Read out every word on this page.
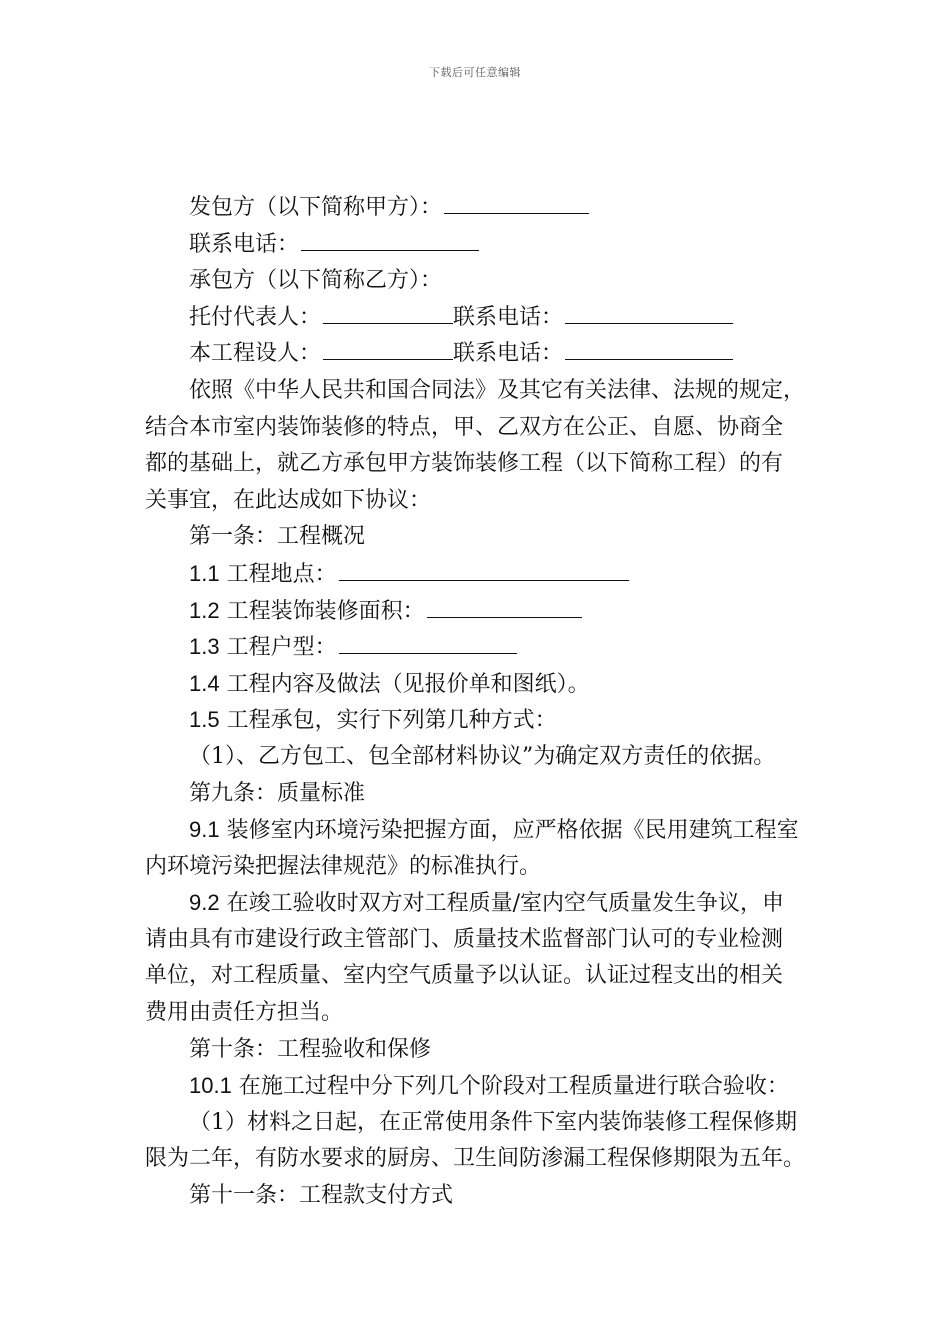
下载后可任意编辑
发包方（以下简称甲方）：
联系电话：
承包方（以下简称乙方）：
托付代表人：	联系电话：
本工程设人：	联系电话：
依照《中华人民共和国合同法》及其它有关法律、法规的规定，
结合本市室内装饰装修的特点，甲、乙双方在公正、自愿、协商全
都的基础上，就乙方承包甲方装饰装修工程（以下简称工程）的有
关事宜，在此达成如下协议：
第一条：工程概况
1.1 工程地点：
1.2 工程装饰装修面积：
1.3 工程户型：
1.4 工程内容及做法（见报价单和图纸）。
1.5 工程承包，实行下列第几种方式：
（1）、乙方包工、包全部材料协议”为确定双方责任的依据。
第九条：质量标准
9.1 装修室内环境污染把握方面，应严格依据《民用建筑工程室
内环境污染把握法律规范》的标准执行。
9.2 在竣工验收时双方对工程质量/室内空气质量发生争议，申
请由具有市建设行政主管部门、质量技术监督部门认可的专业检测
单位，对工程质量、室内空气质量予以认证。认证过程支出的相关
费用由责任方担当。
第十条：工程验收和保修
10.1 在施工过程中分下列几个阶段对工程质量进行联合验收：
（1）材料之日起，在正常使用条件下室内装饰装修工程保修期
限为二年，有防水要求的厨房、卫生间防渗漏工程保修期限为五年。
第十一条：工程款支付方式
